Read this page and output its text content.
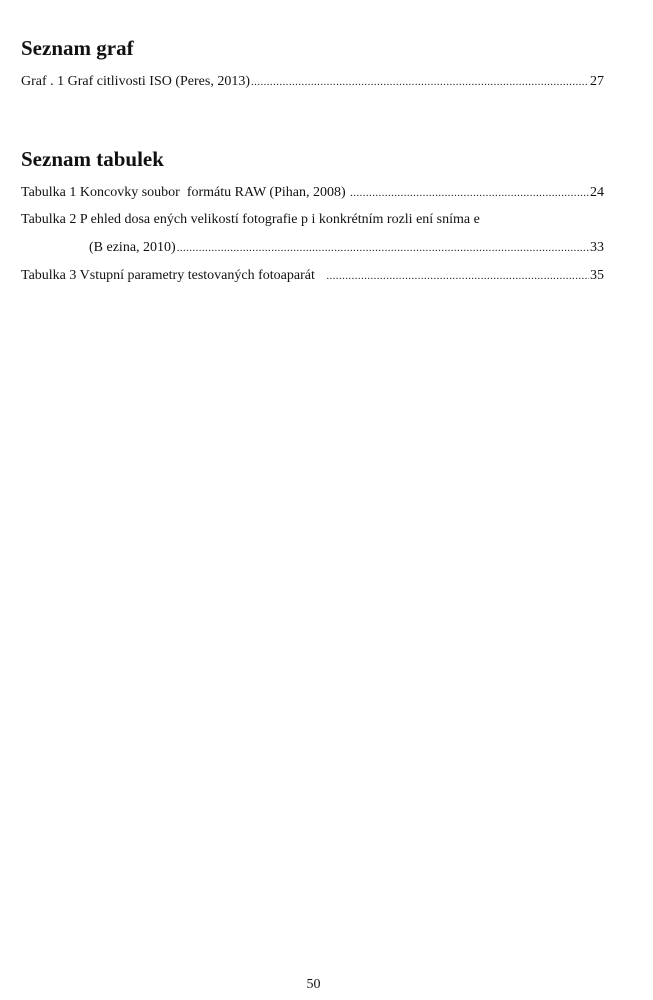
Seznam graf
Graf . 1 Graf citlivosti ISO (Peres, 2013) .....	27
Seznam tabulek
Tabulka 1 Koncovky soubor  formátu RAW (Pihan, 2008) .....	24
Tabulka 2 P ehled dosa ených velikostí fotografie p i konkrétním rozli ení sníma e
(B ezina, 2010) .....	33
Tabulka 3 Vstupní parametry testovaných fotoaparát .....	35
50
